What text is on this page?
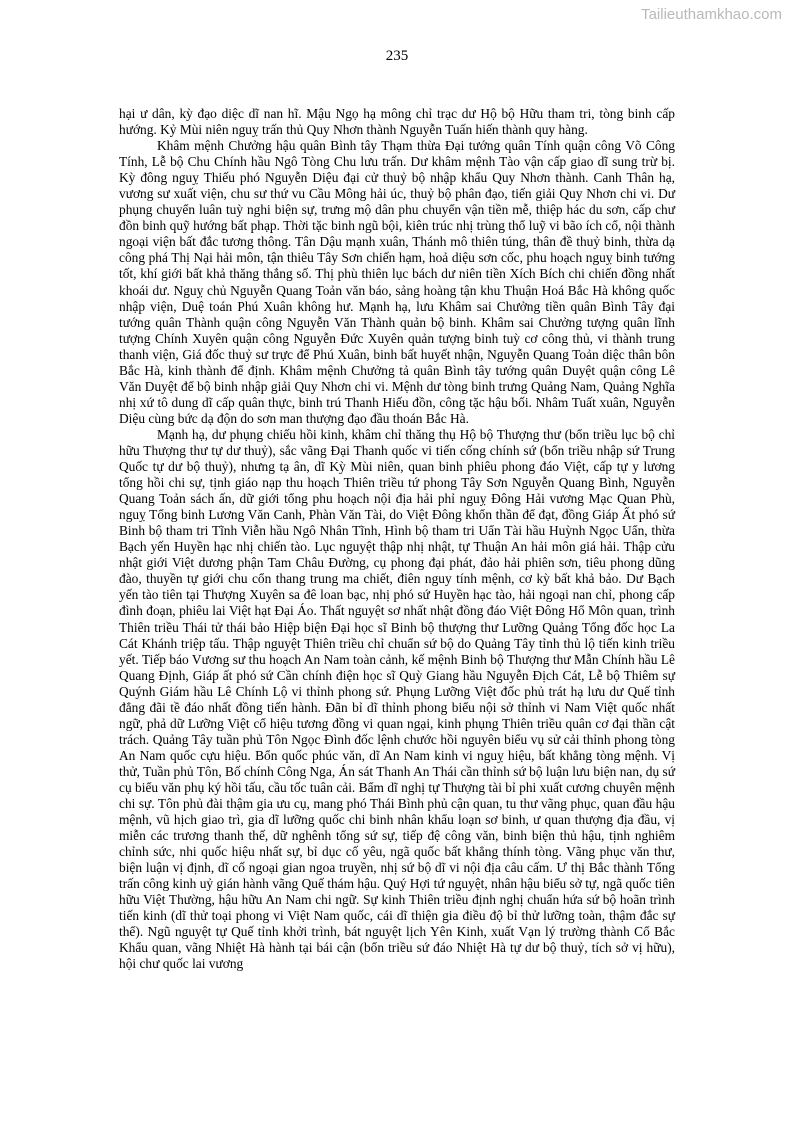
Tailieuthamkhao.com
235

hại ư dân, kỳ đạo diệc dĩ nan hĩ. Mậu Ngọ hạ mông chỉ trạc dư Hộ bộ Hữu tham tri, tòng binh cấp hướng. Kỷ Mùi niên nguỵ trấn thủ Quy Nhơn thành Nguyễn Tuấn hiến thành quy hàng.

Khâm mệnh Chưởng hậu quân Bình tây Thạm thừa Đại tướng quân Tính quận công Võ Công Tính, Lễ bộ Chu Chính hầu Ngô Tòng Chu lưu trấn. Dư khâm mệnh Tào vận cấp giao dĩ sung trừ bị. Kỳ đông nguỵ Thiếu phó Nguyễn Diệu đại cử thuỷ bộ nhập khẩu Quy Nhơn thành. Canh Thân hạ, vương sư xuất viện, chu sư thứ vu Cầu Mông hải úc, thuỷ bộ phân đạo, tiến giải Quy Nhơn chi vi. Dư phụng chuyển luân tuỳ nghi biện sự, trưng mộ dân phu chuyển vận tiền mễ, thiệp hác du sơn, cấp chư đồn binh quỹ hướng bất phạp. Thời tặc binh ngũ bội, kiên trúc nhị trùng thổ luỹ vi bão ích cổ, nội thành ngoại viện bất đắc tương thông. Tân Dậu mạnh xuân, Thánh mô thiên túng, thân đề thuỷ binh, thừa dạ công phá Thị Nại hải môn, tận thiêu Tây Sơn chiến hạm, hoả diệu sơn cốc, phu hoạch nguỵ binh tướng tốt, khí giới bất khả thăng thắng số. Thị phù thiên lục bách dư niên tiền Xích Bích chi chiến đồng nhất khoái dư. Nguỵ chủ Nguyễn Quang Toản văn báo, sảng hoàng tận khu Thuận Hoá Bắc Hà không quốc nhập viện, Duệ toán Phú Xuân không hư. Mạnh hạ, lưu Khâm sai Chưởng tiền quân Bình Tây đại tướng quân Thành quận công Nguyễn Văn Thành quản bộ binh. Khâm sai Chưởng tượng quân lĩnh tượng Chính Xuyên quận công Nguyễn Đức Xuyên quản tượng binh tuỳ cơ công thủ, vi thành trung thanh viện, Giá đốc thuỷ sư trực để Phú Xuân, binh bất huyết nhận, Nguyễn Quang Toản diệc thân bôn Bắc Hà, kinh thành để định. Khâm mệnh Chưởng tả quân Bình tây tướng quân Duyệt quận công Lê Văn Duyệt để bộ binh nhập giải Quy Nhơn chi vi. Mệnh dư tòng binh trưng Quảng Nam, Quảng Nghĩa nhị xứ tô dung dĩ cấp quân thực, binh trú Thanh Hiếu đồn, công tặc hậu bối. Nhâm Tuất xuân, Nguyễn Diệu cùng bức dạ độn do sơn man thượng đạo đầu thoán Bắc Hà.

Mạnh hạ, dư phụng chiếu hồi kinh, khâm chỉ thăng thụ Hộ bộ Thượng thư (bổn triều lục bộ chỉ hữu Thượng thư tự dư thuỷ), sắc vãng Đại Thanh quốc vi tiến cống chính sứ (bổn triều nhập sứ Trung Quốc tự dư bộ thuỷ), nhưng tạ ân, dĩ Kỳ Mùi niên, quan binh phiêu phong đáo Việt, cấp tự y lương tổng hồi chi sự, tịnh giáo nạp thu hoạch Thiên triều tứ phong Tây Sơn Nguyễn Quang Bình, Nguyễn Quang Toản sách ấn, dữ giới tổng phu hoạch nội địa hải phỉ nguỵ Đông Hải vương Mạc Quan Phù, nguỵ Tổng binh Lương Văn Canh, Phàn Văn Tài, do Việt Đông khổn thần để đạt, đồng Giáp Ất phó sứ Binh bộ tham tri Tĩnh Viễn hầu Ngô Nhân Tĩnh, Hình bộ tham tri Uẩn Tài hầu Huỳnh Ngọc Uẩn, thừa Bạch yến Huyền hạc nhị chiến tào. Lục nguyệt thập nhị nhật, tự Thuận An hải môn giá hải. Thập cửu nhật giới Việt dương phận Tam Châu Đường, cụ phong đại phát, đảo hải phiên sơn, tiêu phong dũng đào, thuyền tự giới chu cổn thang trung ma chiết, điên nguy tính mệnh, cơ kỳ bất khả bảo. Dư Bạch yến tào tiên tại Thượng Xuyên sa đê loan bạc, nhị phó sứ Huyền hạc tào, hải ngoại nan chỉ, phong cấp đình đoạn, phiêu lai Việt hạt Đại Áo. Thất nguyệt sơ nhất nhật đồng đáo Việt Đông Hổ Môn quan, trình Thiên triều Thái tử thái bảo Hiệp biện Đại học sĩ Binh bộ thượng thư Lưỡng Quảng Tổng đốc học La Cát Khánh triệp tấu. Thập nguyệt Thiên triều chỉ chuẩn sứ bộ do Quảng Tây tỉnh thủ lộ tiến kinh triều yết. Tiếp báo Vương sư thu hoạch An Nam toàn cảnh, kế mệnh Binh bộ Thượng thư Mẫn Chính hầu Lê Quang Định, Giáp ất phó sứ Cần chính điện học sĩ Quỳ Giang hầu Nguyễn Địch Cát, Lễ bộ Thiêm sự Quýnh Giám hầu Lê Chính Lộ vi thỉnh phong sứ. Phụng Lưỡng Việt đốc phủ trát hạ lưu dư Quế tỉnh đẳng đãi tề đáo nhất đồng tiến hành. Đãn bỉ dĩ thỉnh phong biểu nội sở thỉnh vi Nam Việt quốc nhất ngữ, phả dữ Lưỡng Việt cổ hiệu tương đồng vi quan ngại, kinh phụng Thiên triều quân cơ đại thần cật trách. Quảng Tây tuần phủ Tôn Ngọc Đình đốc lệnh chước hồi nguyên biểu vụ sử cải thỉnh phong tòng An Nam quốc cựu hiệu. Bổn quốc phúc văn, dĩ An Nam kinh vi nguỵ hiệu, bất khẳng tòng mệnh. Vị thử, Tuần phủ Tôn, Bố chính Công Nga, Án sát Thanh An Thái cần thỉnh sứ bộ luận lưu biện nan, dụ sứ cụ biểu văn phụ ký hồi tấu, cầu tốc tuân cải. Bẩm dĩ nghị tự Thượng tài bỉ phi xuất cương chuyên mệnh chi sự. Tôn phủ đài thậm gia ưu cụ, mang phó Thái Bình phủ cận quan, tu thư vãng phục, quan đầu hậu mệnh, vũ hịch giao trì, gia dĩ lưỡng quốc chi binh nhân khẩu loạn sơ binh, ư quan thượng địa đầu, vị miễn các trương thanh thế, dữ nghênh tổng sứ sự, tiếp đệ công văn, binh biện thủ hậu, tịnh nghiêm chỉnh sức, nhi quốc hiệu nhất sự, bỉ dục cố yêu, ngã quốc bất khẳng thính tòng. Vãng phục văn thư, biện luận vị định, dĩ cố ngoại gian ngoa truyền, nhị sứ bộ dĩ vi nội địa câu cấm. Ư thị Bắc thành Tổng trấn công kinh uỷ gián hành vãng Quế thám hậu. Quý Hợi tứ nguyệt, nhân hậu biểu sở tự, ngã quốc tiên hữu Việt Thường, hậu hữu An Nam chi ngữ. Sự kinh Thiên triều định nghị chuẩn hứa sứ bộ hoãn trình tiến kinh (dĩ thử toại phong vi Việt Nam quốc, cái dĩ thiện gia điều độ bỉ thử lưỡng toàn, thậm đắc sự thể). Ngũ nguyệt tự Quế tỉnh khởi trình, bát nguyệt lịch Yên Kinh, xuất Vạn lý trường thành Cổ Bắc Khẩu quan, vãng Nhiệt Hà hành tại bái cận (bổn triều sứ đáo Nhiệt Hà tự dư bộ thuỷ, tích sở vị hữu), hội chư quốc lai vương
